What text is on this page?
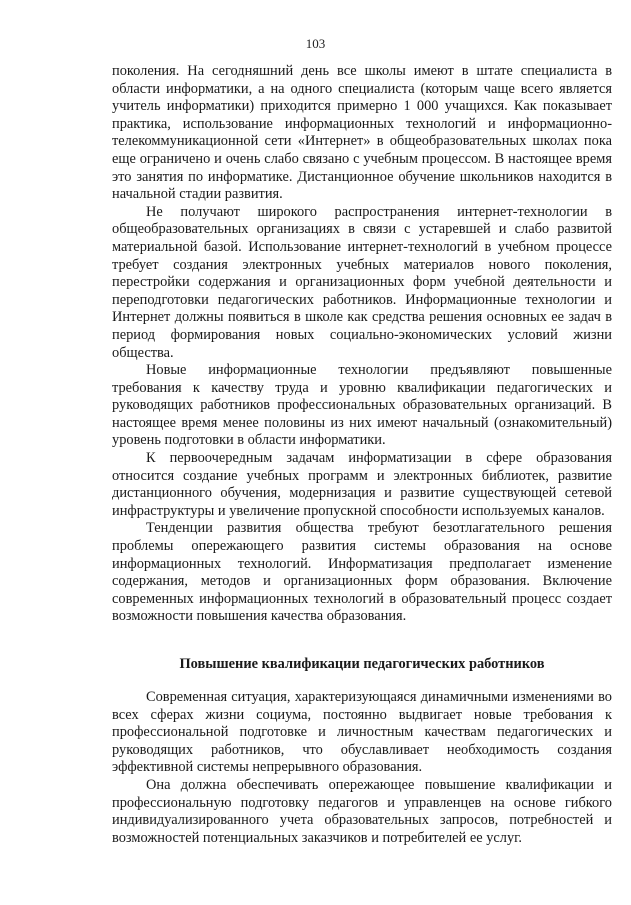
103

поколения. На сегодняшний день все школы имеют в штате специалиста в области информатики, а на одного специалиста (которым чаще всего является учитель информатики) приходится примерно 1 000 учащихся. Как показывает практика, использование информационных технологий и информационно-телекоммуникационной сети «Интернет» в общеобразовательных школах пока еще ограничено и очень слабо связано с учебным процессом. В настоящее время это занятия по информатике. Дистанционное обучение школьников находится в начальной стадии развития.

Не получают широкого распространения интернет-технологии в общеобразовательных организациях в связи с устаревшей и слабо развитой материальной базой. Использование интернет-технологий в учебном процессе требует создания электронных учебных материалов нового поколения, перестройки содержания и организационных форм учебной деятельности и переподготовки педагогических работников. Информационные технологии и Интернет должны появиться в школе как средства решения основных ее задач в период формирования новых социально-экономических условий жизни общества.

Новые информационные технологии предъявляют повышенные требования к качеству труда и уровню квалификации педагогических и руководящих работников профессиональных образовательных организаций. В настоящее время менее половины из них имеют начальный (ознакомительный) уровень подготовки в области информатики.

К первоочередным задачам информатизации в сфере образования относится создание учебных программ и электронных библиотек, развитие дистанционного обучения, модернизация и развитие существующей сетевой инфраструктуры и увеличение пропускной способности используемых каналов.

Тенденции развития общества требуют безотлагательного решения проблемы опережающего развития системы образования на основе информационных технологий. Информатизация предполагает изменение содержания, методов и организационных форм образования. Включение современных информационных технологий в образовательный процесс создает возможности повышения качества образования.

Повышение квалификации педагогических работников

Современная ситуация, характеризующаяся динамичными изменениями во всех сферах жизни социума, постоянно выдвигает новые требования к профессиональной подготовке и личностным качествам педагогических и руководящих работников, что обуславливает необходимость создания эффективной системы непрерывного образования.

Она должна обеспечивать опережающее повышение квалификации и профессиональную подготовку педагогов и управленцев на основе гибкого индивидуализированного учета образовательных запросов, потребностей и возможностей потенциальных заказчиков и потребителей ее услуг.
